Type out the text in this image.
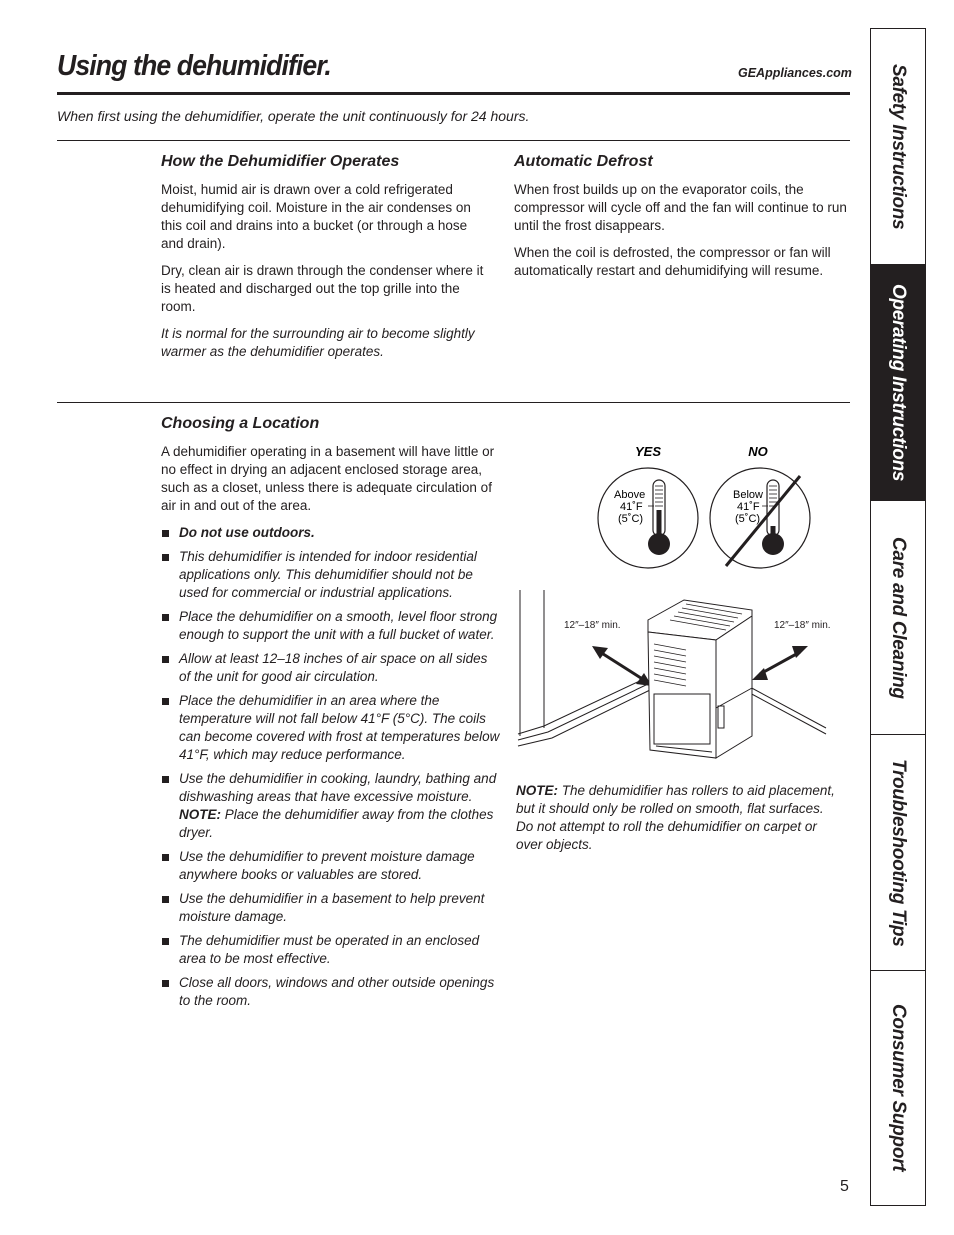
Using the dehumidifier.	GEAppliances.com
When first using the dehumidifier, operate the unit continuously for 24 hours.
How the Dehumidifier Operates

Moist, humid air is drawn over a cold refrigerated dehumidifying coil. Moisture in the air condenses on this coil and drains into a bucket (or through a hose and drain).

Dry, clean air is drawn through the condenser where it is heated and discharged out the top grille into the room.

It is normal for the surrounding air to become slightly warmer as the dehumidifier operates.

Automatic Defrost

When frost builds up on the evaporator coils, the compressor will cycle off and the fan will continue to run until the frost disappears.

When the coil is defrosted, the compressor or fan will automatically restart and dehumidifying will resume.

Choosing a Location

A dehumidifier operating in a basement will have little or no effect in drying an adjacent enclosed storage area, such as a closet, unless there is adequate circulation of air in and out of the area.

Do not use outdoors.
This dehumidifier is intended for indoor residential applications only. This dehumidifier should not be used for commercial or industrial applications.
Place the dehumidifier on a smooth, level floor strong enough to support the unit with a full bucket of water.
Allow at least 12–18 inches of air space on all sides of the unit for good air circulation.
Place the dehumidifier in an area where the temperature will not fall below 41°F (5°C). The coils can become covered with frost at temperatures below 41°F, which may reduce performance.
Use the dehumidifier in cooking, laundry, bathing and dishwashing areas that have excessive moisture. NOTE: Place the dehumidifier away from the clothes dryer.
Use the dehumidifier to prevent moisture damage anywhere books or valuables are stored.
Use the dehumidifier in a basement to help prevent moisture damage.
The dehumidifier must be operated in an enclosed area to be most effective.
Close all doors, windows and other outside openings to the room.
YES	NO
Above
41˚F
(5˚C)
Below
41˚F
(5˚C)
12″–18″ min.	12″–18″ min.
NOTE: The dehumidifier has rollers to aid placement, but it should only be rolled on smooth, flat surfaces. Do not attempt to roll the dehumidifier on carpet or over objects.
Safety Instructions
Operating Instructions
Care and Cleaning
Troubleshooting Tips
Consumer Support
5
